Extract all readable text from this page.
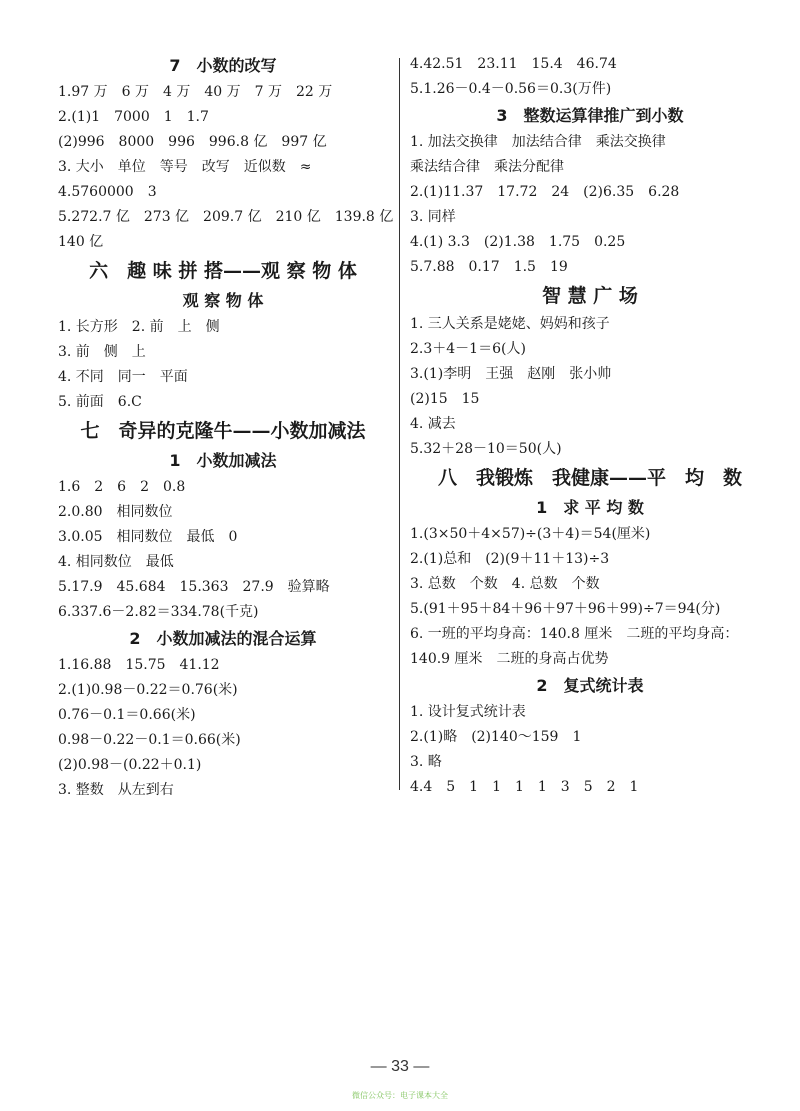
7　小数的改写
1.97 万　6 万　4 万　40 万　7 万　22 万
2.(1)1　7000　1　1.7
(2)996　8000　996　996.8 亿　997 亿
3. 大小　单位　等号　改写　近似数　≈
4.5760000　3
5.272.7 亿　273 亿　209.7 亿　210 亿　139.8 亿
140 亿
六　趣 味 拼 搭——观 察 物 体
观 察 物 体
1. 长方形　2. 前　上　侧
3. 前　侧　上
4. 不同　同一　平面
5. 前面　6.C
七　奇异的克隆牛——小数加减法
1　小数加减法
1.6　2　6　2　0.8
2.0.80　相同数位
3.0.05　相同数位　最低　0
4. 相同数位　最低
5.17.9　45.684　15.363　27.9　验算略
6.337.6－2.82＝334.78(千克)
2　小数加减法的混合运算
1.16.88　15.75　41.12
2.(1)0.98－0.22＝0.76(米)
0.76－0.1＝0.66(米)
0.98－0.22－0.1＝0.66(米)
(2)0.98－(0.22＋0.1)
3. 整数　从左到右
4.42.51　23.11　15.4　46.74
5.1.26－0.4－0.56＝0.3(万件)
3　整数运算律推广到小数
1. 加法交换律　加法结合律　乘法交换律
乘法结合律　乘法分配律
2.(1)11.37　17.72　24　(2)6.35　6.28
3. 同样
4.(1) 3.3　(2)1.38　1.75　0.25
5.7.88　0.17　1.5　19
智 慧 广 场
1. 三人关系是姥姥、妈妈和孩子
2.3＋4－1＝6(人)
3.(1)李明　王强　赵刚　张小帅
(2)15　15
4. 减去
5.32＋28－10＝50(人)
八　我锻炼　我健康——平　均　数
1　求 平 均 数
1.(3×50＋4×57)÷(3＋4)＝54(厘米)
2.(1)总和　(2)(9＋11＋13)÷3
3. 总数　个数　4. 总数　个数
5.(91＋95＋84＋96＋97＋96＋99)÷7＝94(分)
6. 一班的平均身高：140.8 厘米　二班的平均身高：
140.9 厘米　二班的身高占优势
2　复式统计表
1. 设计复式统计表
2.(1)略　(2)140～159　1
3. 略
4.4　5　1　1　1　1　3　5　2　1
— 33 —
微信公众号：电子课本大全
